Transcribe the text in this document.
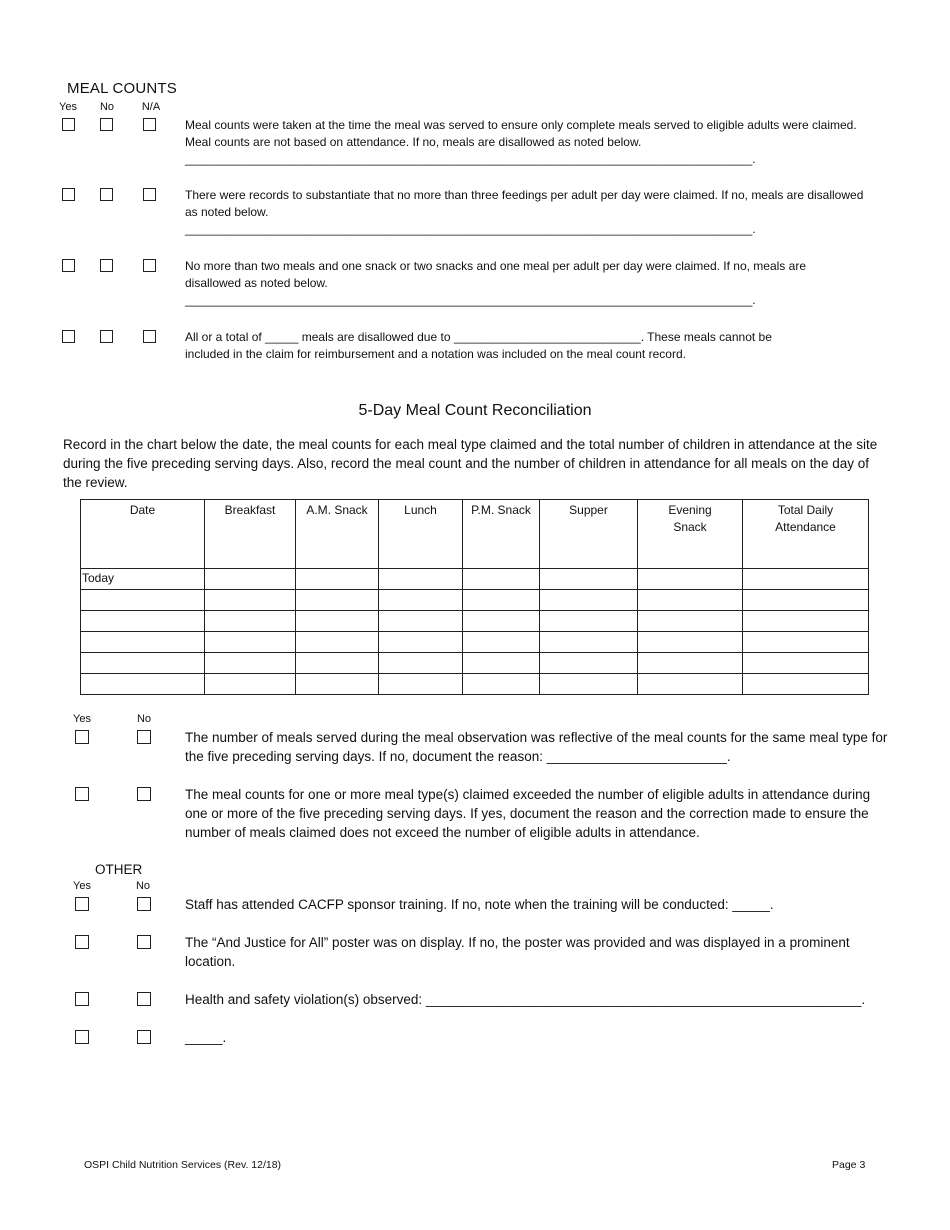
MEAL COUNTS
Yes	No	N/A
Meal counts were taken at the time the meal was served to ensure only complete meals served to eligible adults were claimed. Meal counts are not based on attendance. If no, meals are disallowed as noted below.
_____________________________________________________________________________________.
There were records to substantiate that no more than three feedings per adult per day were claimed. If no, meals are disallowed as noted below.
_____________________________________________________________________________________.
No more than two meals and one snack or two snacks and one meal per adult per day were claimed. If no, meals are disallowed as noted below.
_____________________________________________________________________________________.
All or a total of _____ meals are disallowed due to ____________________________. These meals cannot be included in the claim for reimbursement and a notation was included on the meal count record.
5-Day Meal Count Reconciliation
Record in the chart below the date, the meal counts for each meal type claimed and the total number of children in attendance at the site during the five preceding serving days. Also, record the meal count and the number of children in attendance for all meals on the day of the review.
Date	Breakfast	A.M. Snack	Lunch	P.M. Snack	Supper	Evening Snack	Total Daily Attendance
Today							

Yes	No
The number of meals served during the meal observation was reflective of the meal counts for the same meal type for the five preceding serving days. If no, document the reason: ________________________.
The meal counts for one or more meal type(s) claimed exceeded the number of eligible adults in attendance during one or more of the five preceding serving days. If yes, document the reason and the correction made to ensure the number of meals claimed does not exceed the number of eligible adults in attendance.
OTHER
Yes	No
Staff has attended CACFP sponsor training. If no, note when the training will be conducted: _____.
The “And Justice for All” poster was on display. If no, the poster was provided and was displayed in a prominent location.
Health and safety violation(s) observed: __________________________________________________________.
_____.
OSPI Child Nutrition Services (Rev. 12/18)	Page 3
